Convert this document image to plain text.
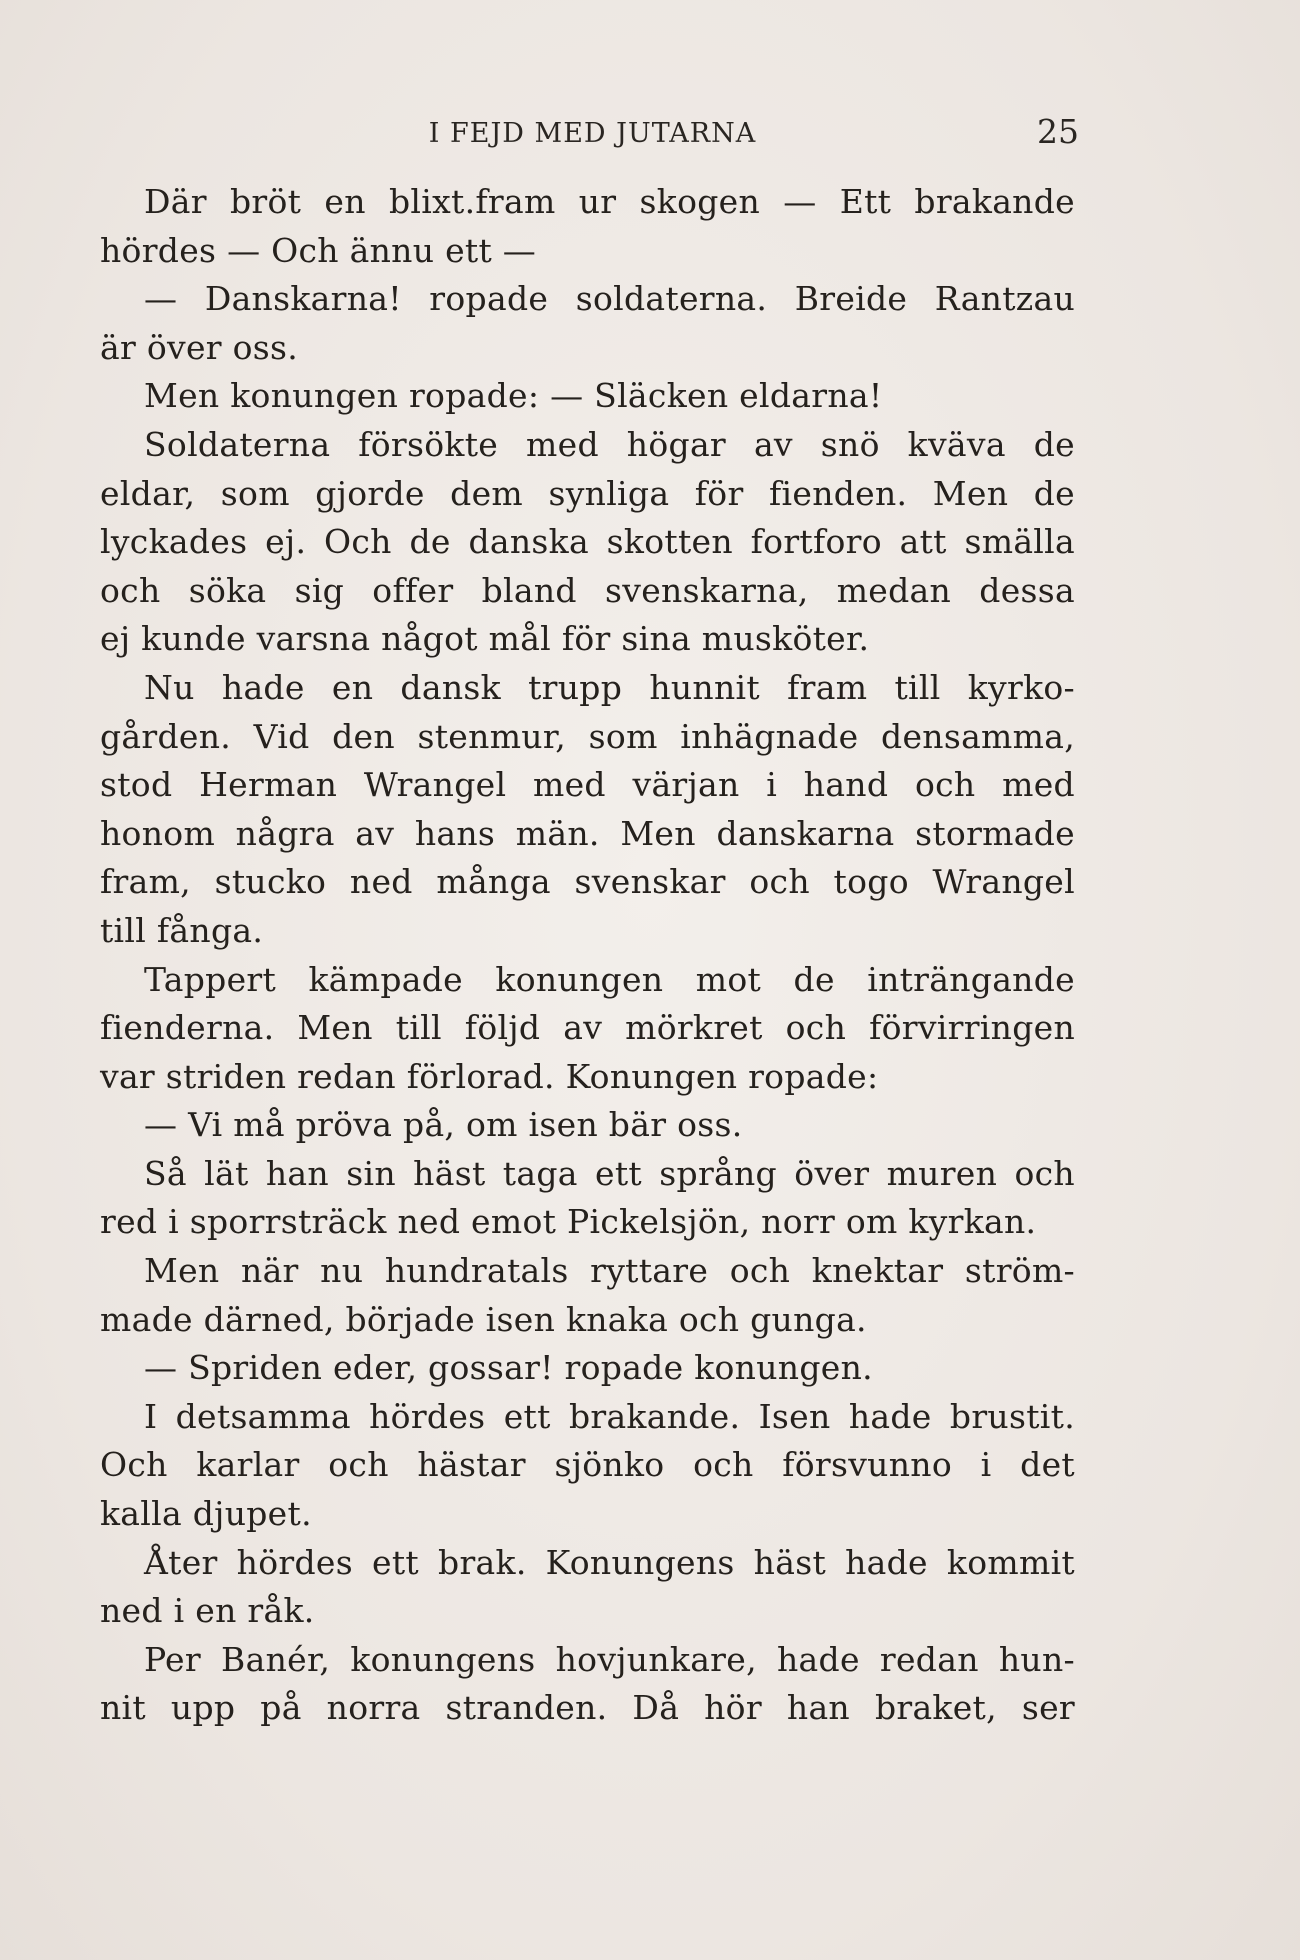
I FEJD MED JUTARNA	25
Där bröt en blixt.fram ur skogen — Ett brakande
hördes — Och ännu ett —
— Danskarna! ropade soldaterna. Breide Rantzau
är över oss.
Men konungen ropade: — Släcken eldarna!
Soldaterna försökte med högar av snö kväva de
eldar, som gjorde dem synliga för fienden. Men de
lyckades ej. Och de danska skotten fortforo att smälla
och söka sig offer bland svenskarna, medan dessa
ej kunde varsna något mål för sina musköter.
Nu hade en dansk trupp hunnit fram till kyrko-
gården. Vid den stenmur, som inhägnade densamma,
stod Herman Wrangel med värjan i hand och med
honom några av hans män. Men danskarna stormade
fram, stucko ned många svenskar och togo Wrangel
till fånga.
Tappert kämpade konungen mot de inträngande
fienderna. Men till följd av mörkret och förvirringen
var striden redan förlorad. Konungen ropade:
— Vi må pröva på, om isen bär oss.
Så lät han sin häst taga ett språng över muren och
red i sporrsträck ned emot Pickelsjön, norr om kyrkan.
Men när nu hundratals ryttare och knektar ström-
made därned, började isen knaka och gunga.
— Spriden eder, gossar! ropade konungen.
I detsamma hördes ett brakande. Isen hade brustit.
Och karlar och hästar sjönko och försvunno i det
kalla djupet.
Åter hördes ett brak. Konungens häst hade kommit
ned i en råk.
Per Banér, konungens hovjunkare, hade redan hun-
nit upp på norra stranden. Då hör han braket, ser
